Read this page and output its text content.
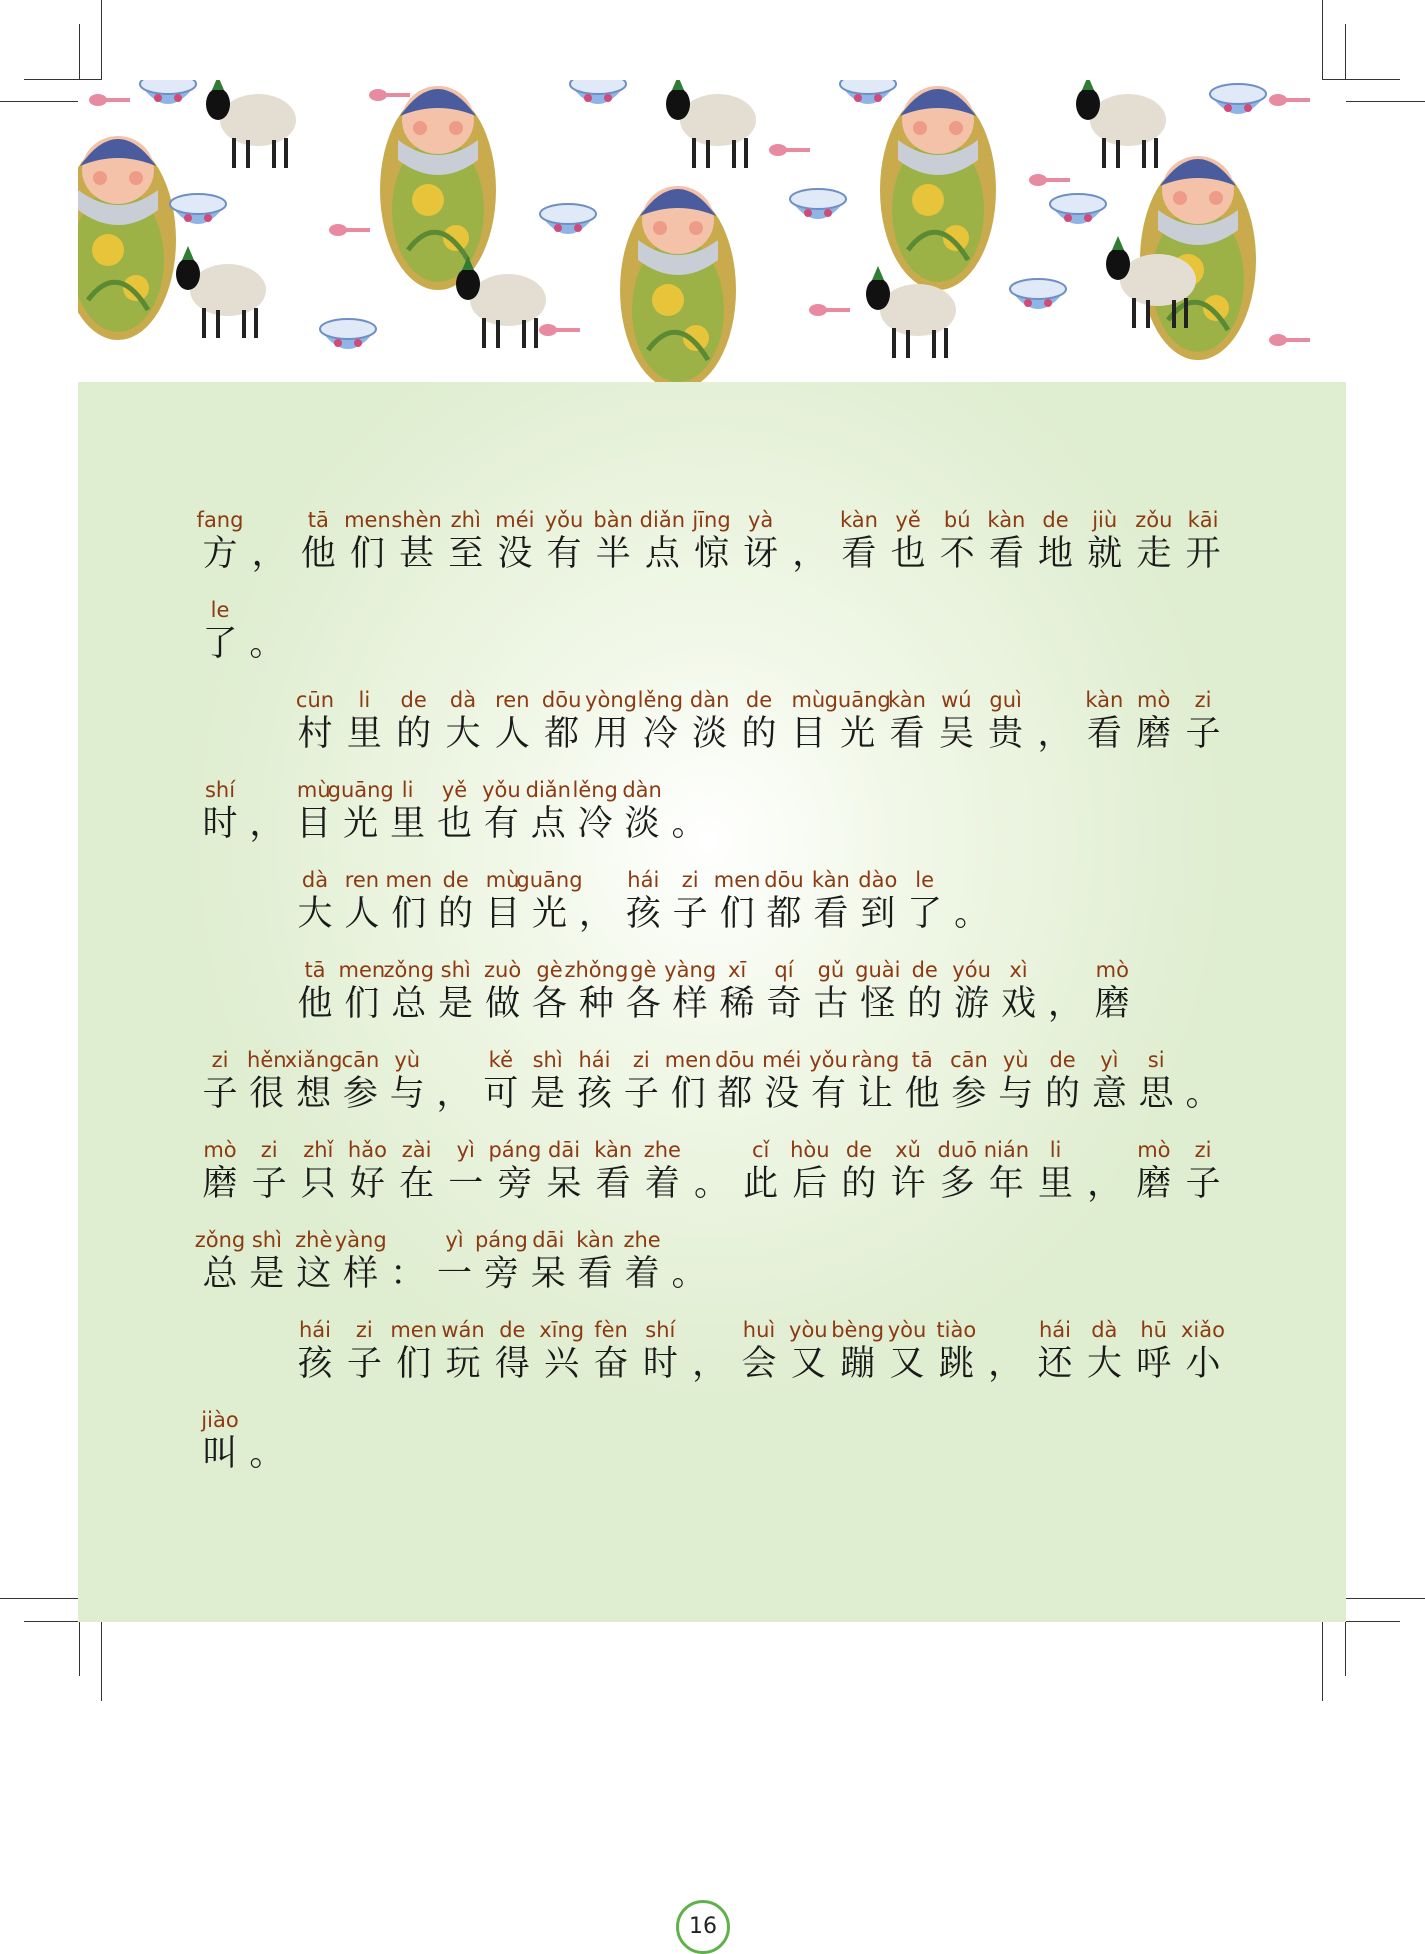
fang
方 ，
tā
他
men
们
shèn
甚
zhì
至
méi
没
yǒu
有
bàn
半
diǎn
点
jīng
惊
yà
讶 ，
kàn
看
yě
也
bú
不
kàn
看
de
地
jiù
就
zǒu
走
kāi
开
le
了 。
cūn
村
li
里
de
的
dà
大
ren
人
dōu
都
yòng
用
lěng
冷
dàn
淡
de
的
mù
目
guāng
光
kàn
看
wú
吴
guì
贵 ，
kàn
看
mò
磨
zi
子
shí
时 ，
mù
目
guāng
光
li
里
yě
也
yǒu
有
diǎn
点
lěng
冷
dàn
淡 。
dà
大
ren
人
men
们
de
的
mù
目
guāng
光 ，
hái
孩
zi
子
men
们
dōu
都
kàn
看
dào
到
le
了 。
tā
他
men
们
zǒng
总
shì
是
zuò
做
gè
各
zhǒng
种
gè
各
yàng
样
xī
稀
qí
奇
gǔ
古
guài
怪
de
的
yóu
游
xì
戏 ，
mò
磨
zi
子
hěn
很
xiǎng
想
cān
参
yù
与 ，
kě
可
shì
是
hái
孩
zi
子
men
们
dōu
都
méi
没
yǒu
有
ràng
让
tā
他
cān
参
yù
与
de
的
yì
意
si
思 。
mò
磨
zi
子
zhǐ
只
hǎo
好
zài
在
yì
一
páng
旁
dāi
呆
kàn
看
zhe
着 。
cǐ
此
hòu
后
de
的
xǔ
许
duō
多
nián
年
li
里 ，
mò
磨
zi
子
zǒng
总
shì
是
zhè
这
yàng
样 ：
yì
一
páng
旁
dāi
呆
kàn
看
zhe
着 。
hái
孩
zi
子
men
们
wán
玩
de
得
xīng
兴
fèn
奋
shí
时 ，
huì
会
yòu
又
bèng
蹦
yòu
又
tiào
跳 ，
hái
还
dà
大
hū
呼
xiǎo
小
jiào
叫 。
16
